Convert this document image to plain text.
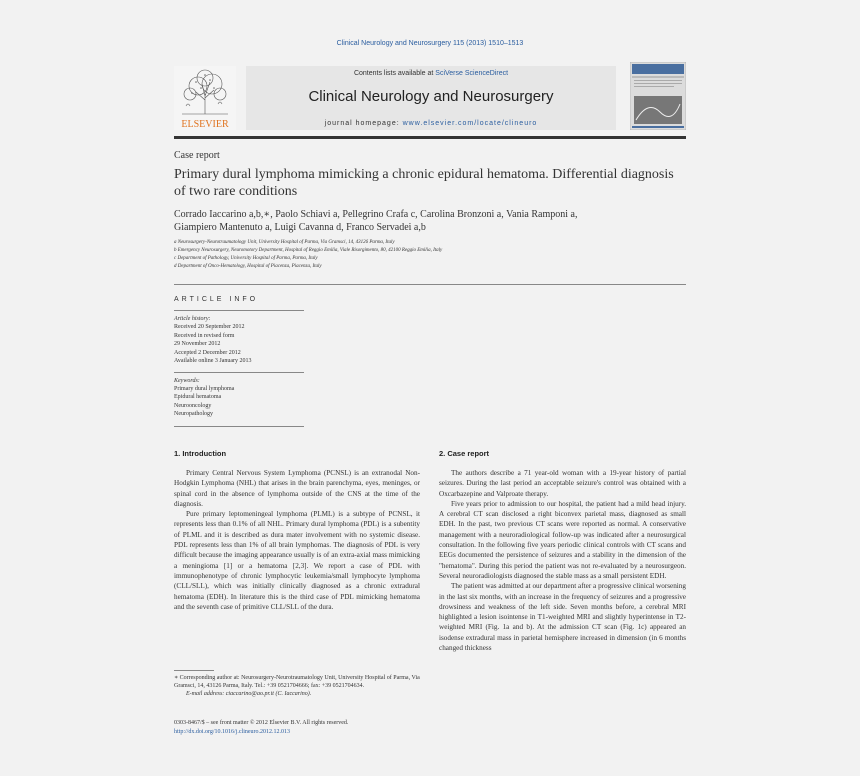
Clinical Neurology and Neurosurgery 115 (2013) 1510–1513
ELSEVIER
Contents lists available at SciVerse ScienceDirect
Clinical Neurology and Neurosurgery
journal homepage: www.elsevier.com/locate/clineuro
Case report
Primary dural lymphoma mimicking a chronic epidural hematoma. Differential diagnosis of two rare conditions
Corrado Iaccarino a,b,∗, Paolo Schiavi a, Pellegrino Crafa c, Carolina Bronzoni a, Vania Ramponi a,
Giampiero Mantenuto a, Luigi Cavanna d, Franco Servadei a,b
a Neurosurgery-Neurotraumatology Unit, University Hospital of Parma, Via Gramsci, 14, 43126 Parma, Italy
b Emergency Neurosurgery, Neuromotory Department, Hospital of Reggio Emilia, Viale Risorgimento, 80, 42100 Reggio Emilia, Italy
c Department of Pathology, University Hospital of Parma, Parma, Italy
d Department of Onco-Hematology, Hospital of Piacenza, Piacenza, Italy
ARTICLE INFO
Article history:
Received 20 September 2012
Received in revised form
29 November 2012
Accepted 2 December 2012
Available online 3 January 2013
Keywords:
Primary dural lymphoma
Epidural hematoma
Neurooncology
Neuropathology
1. Introduction

Primary Central Nervous System Lymphoma (PCNSL) is an extranodal Non-Hodgkin Lymphoma (NHL) that arises in the brain parenchyma, eyes, meninges, or spinal cord in the absence of lymphoma outside of the CNS at the time of the diagnosis.

Pure primary leptomeningeal lymphoma (PLML) is a subtype of PCNSL, it represents less than 0.1% of all NHL. Primary dural lymphoma (PDL) is a subentity of PLML and it is described as dura mater involvement with no systemic disease. PDL represents less than 1% of all brain lymphomas. The diagnosis of PDL is very difficult because the imaging appearance usually is of an extra-axial mass mimicking a meningioma [1] or a hematoma [2,3]. We report a case of PDL with immunophenotype of chronic lymphocytic leukemia/small lymphocyte lymphoma (CLL/SLL), which was initially clinically diagnosed as a chronic extradural hematoma (EDH). In literature this is the third case of PDL mimicking hematoma and the seventh case of primitive CLL/SLL of the dura.

2. Case report

The authors describe a 71 year-old woman with a 19-year history of partial seizures. During the last period an acceptable seizure's control was obtained with a Oxcarbazepine and Valproate therapy.

Five years prior to admission to our hospital, the patient had a mild head injury. A cerebral CT scan disclosed a right biconvex parietal mass, diagnosed as small EDH. In the past, two previous CT scans were reported as normal. A conservative management with a neuroradiological follow-up was indicated after a neurosurgical consultation. In the following five years periodic clinical controls with CT scans and EEGs documented the persistence of seizures and a stability in the dimension of the "hematoma". During this period the patient was not re-evaluated by a neurosurgeon. Several neuroradiologists diagnosed the stable mass as a small persistent EDH.

The patient was admitted at our department after a progressive clinical worsening in the last six months, with an increase in the frequency of seizures and a progressive drowsiness and weakness of the left side. Seven months before, a cerebral MRI highlighted a lesion isointense in T1-weighted MRI and slightly hyperintense in T2-weighted MRI (Fig. 1a and b). At the admission CT scan (Fig. 1c) appeared an isodense extradural mass in parietal hemisphere increased in dimension (in 6 months changed thickness

∗ Corresponding author at: Neurosurgery-Neurotraumatology Unit, University Hospital of Parma, Via Gramsci, 14, 43126 Parma, Italy. Tel.: +39 0521704666; fax: +39 0521704634.
E-mail address: ciaccarino@ao.pr.it (C. Iaccarino).
0303-8467/$ – see front matter © 2012 Elsevier B.V. All rights reserved.
http://dx.doi.org/10.1016/j.clineuro.2012.12.013
